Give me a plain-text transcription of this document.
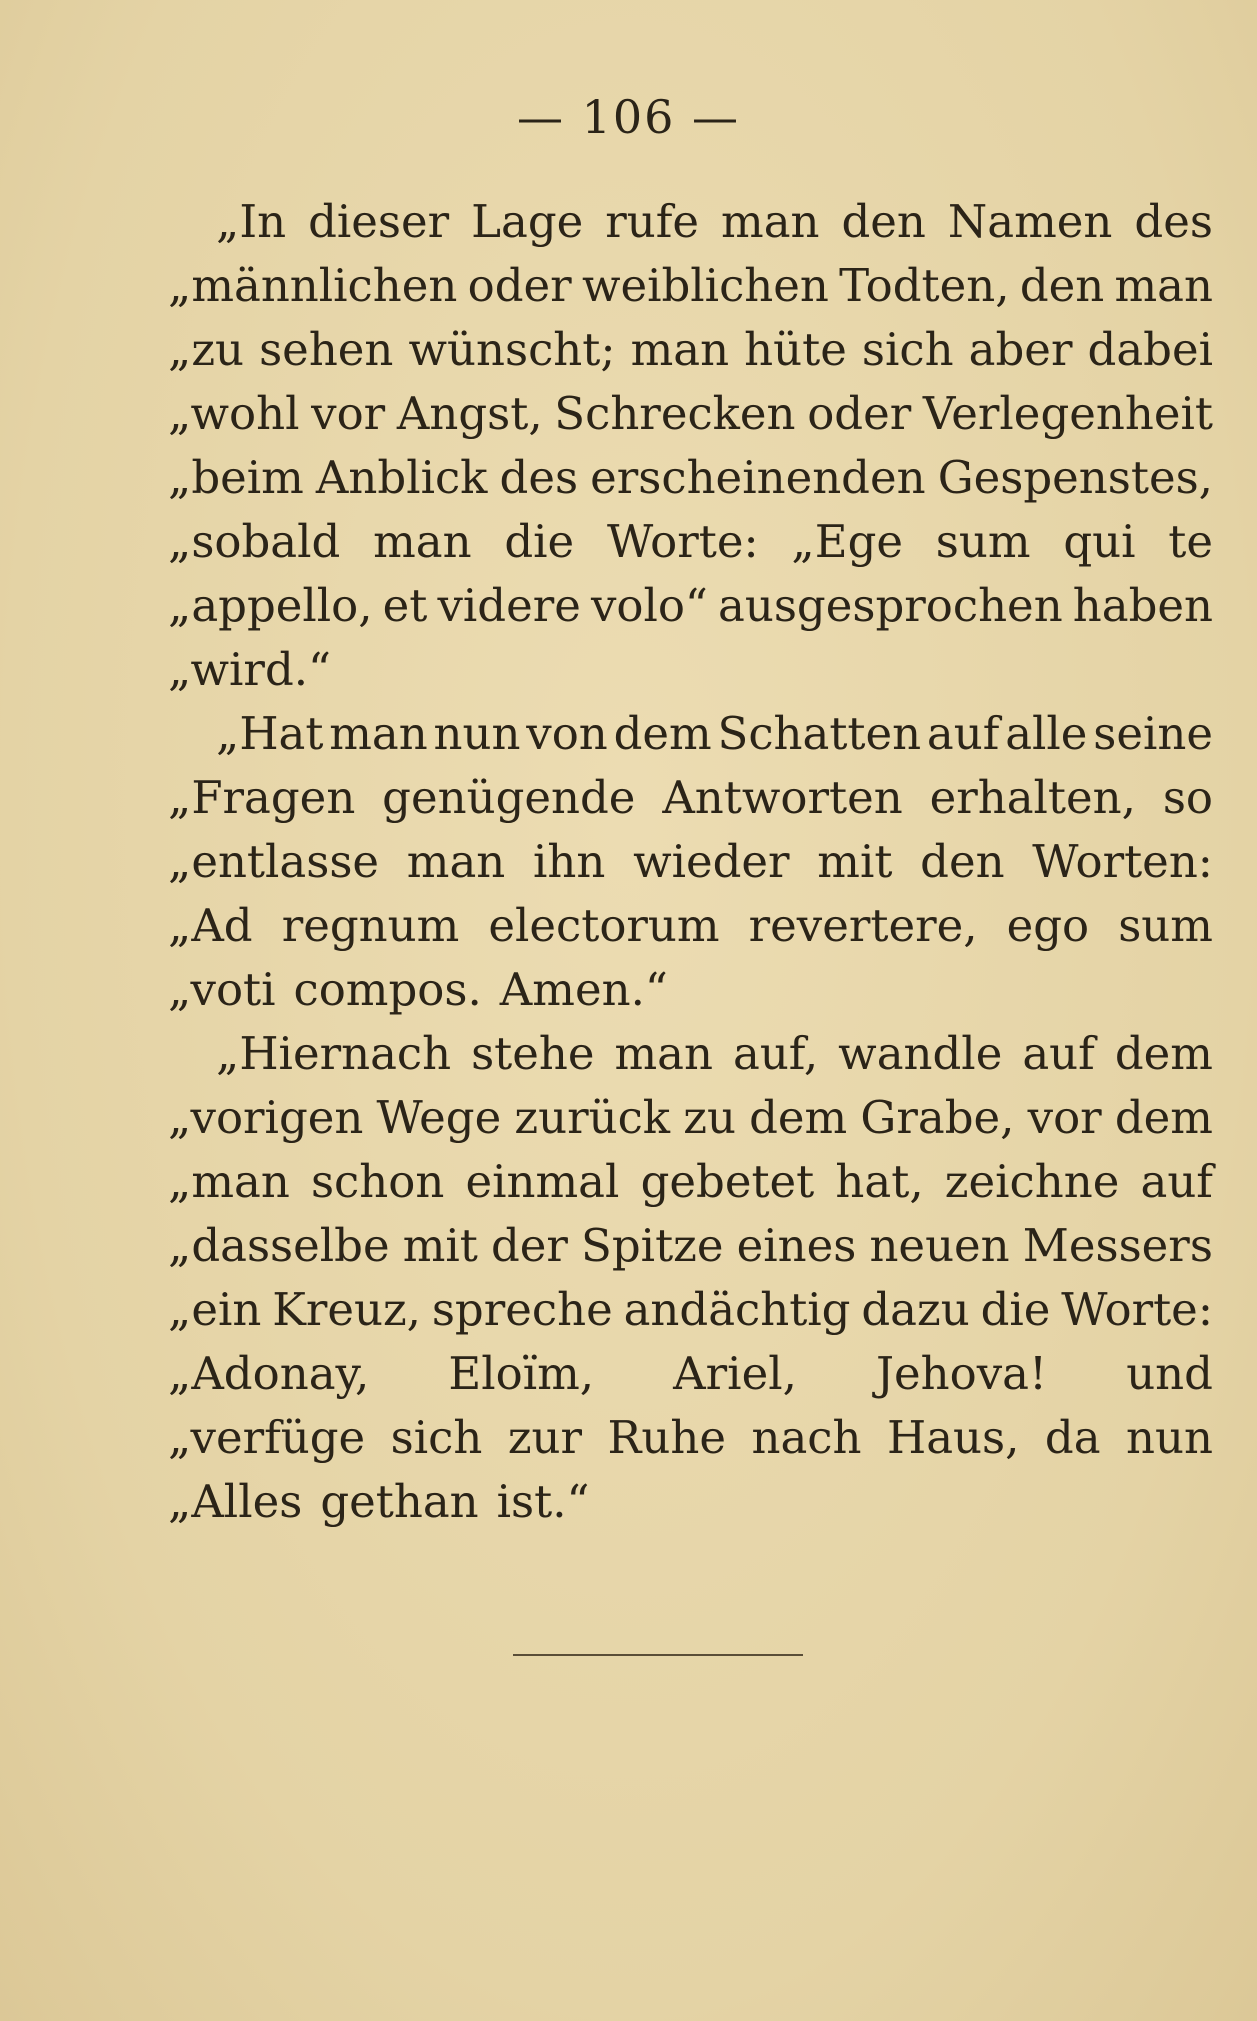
— 106 —
„In dieser Lage rufe man den Namen des
„männlichen oder weiblichen Todten, den man
„zu sehen wünscht; man hüte sich aber dabei
„wohl vor Angst, Schrecken oder Verlegenheit
„beim Anblick des erscheinenden Gespenstes,
„sobald man die Worte: „Ege sum qui te
„appello, et videre volo“ ausgesprochen haben
„wird.“
„Hat man nun von dem Schatten auf alle seine
„Fragen genügende Antworten erhalten, so
„entlasse man ihn wieder mit den Worten:
„Ad regnum electorum revertere, ego sum
„voti compos. Amen.“
„Hiernach stehe man auf, wandle auf dem
„vorigen Wege zurück zu dem Grabe, vor dem
„man schon einmal gebetet hat, zeichne auf
„dasselbe mit der Spitze eines neuen Messers
„ein Kreuz, spreche andächtig dazu die Worte:
„Adonay, Eloïm, Ariel, Jehova! und
„verfüge sich zur Ruhe nach Haus, da nun
„Alles gethan ist.“
